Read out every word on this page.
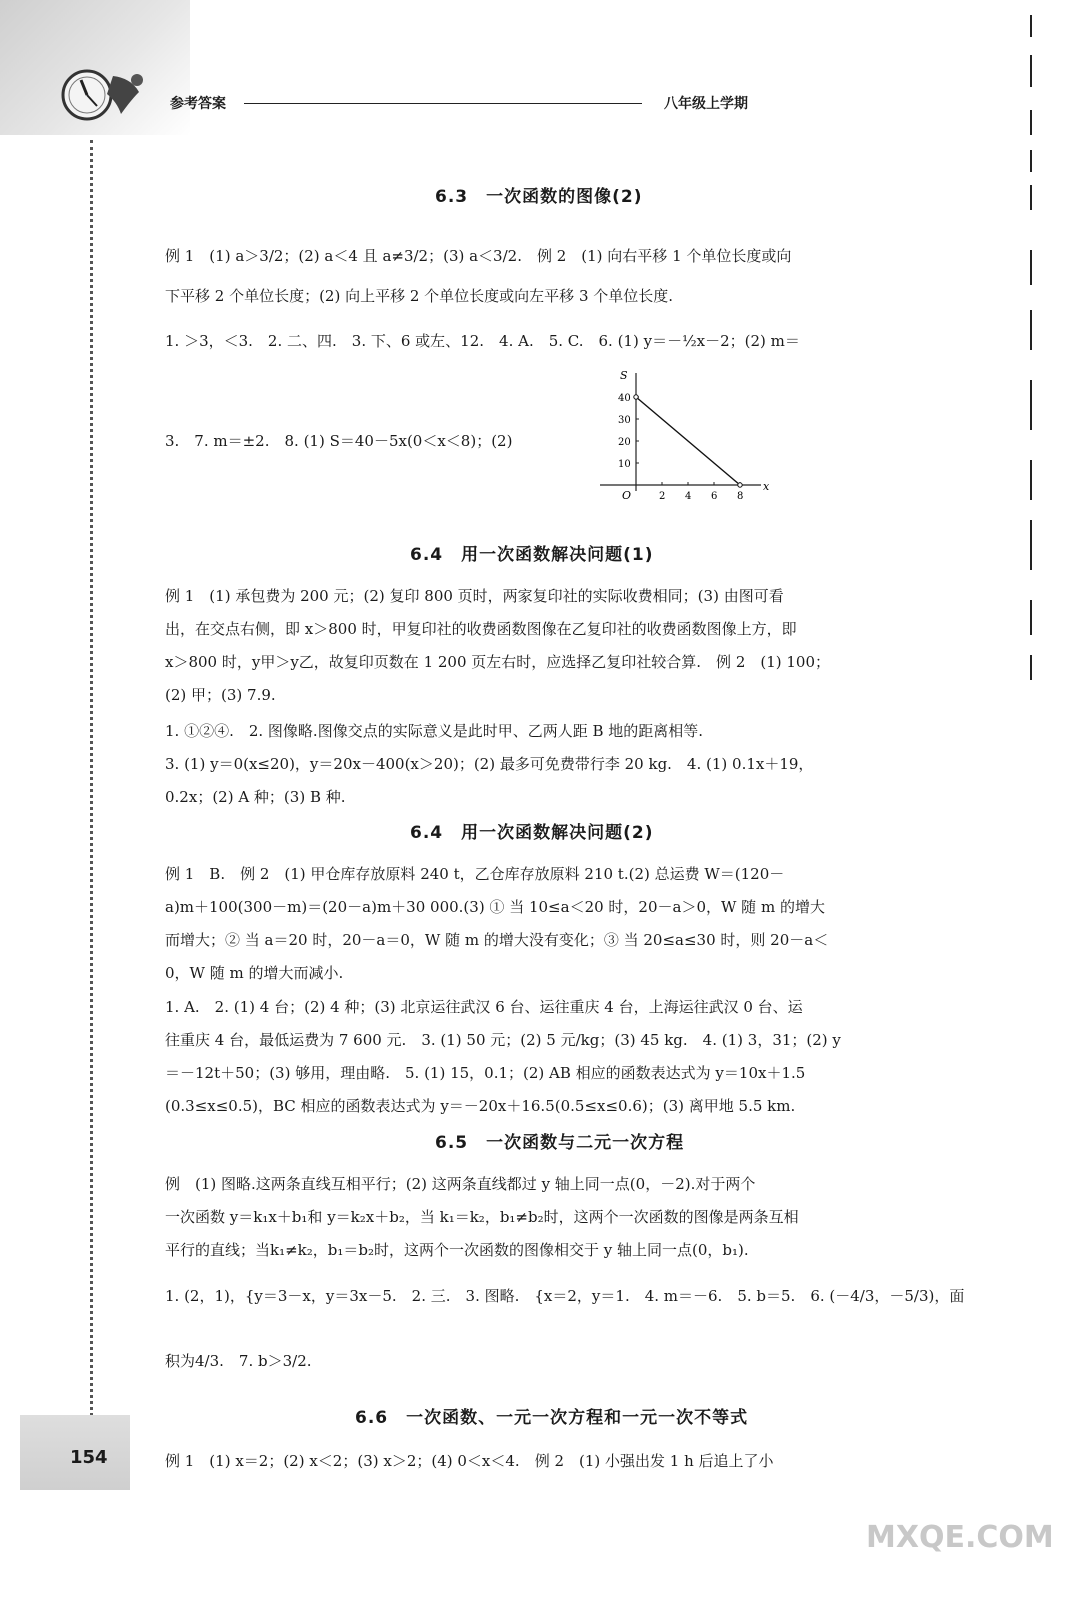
参考答案	八年级上学期
6.3　一次函数的图像(2)
例 1　(1) a＞3/2；(2) a＜4 且 a≠3/2；(3) a＜3/2.　例 2　(1) 向右平移 1 个单位长度或向
下平移 2 个单位长度；(2) 向上平移 2 个单位长度或向左平移 3 个单位长度.
1. ＞3，＜3.　2. 二、四.　3. 下、6 或左、12.　4. A.　5. C.　6. (1) y＝－½x－2；(2) m＝
3.　7. m＝±2.　8. (1) S＝40－5x(0＜x＜8)；(2)
x
S
O	2 4 6 8
10
20
30
40
6.4　用一次函数解决问题(1)
例 1　(1) 承包费为 200 元；(2) 复印 800 页时，两家复印社的实际收费相同；(3) 由图可看
出，在交点右侧，即 x＞800 时，甲复印社的收费函数图像在乙复印社的收费函数图像上方，即
x＞800 时，y甲＞y乙，故复印页数在 1 200 页左右时，应选择乙复印社较合算.　例 2　(1) 100；
(2) 甲；(3) 7.9.
1. ①②④.　2. 图像略.图像交点的实际意义是此时甲、乙两人距 B 地的距离相等.
3. (1) y＝0(x≤20)，y＝20x－400(x＞20)；(2) 最多可免费带行李 20 kg.　4. (1) 0.1x＋19，
0.2x；(2) A 种；(3) B 种.
6.4　用一次函数解决问题(2)
例 1　B.　例 2　(1) 甲仓库存放原料 240 t，乙仓库存放原料 210 t.(2) 总运费 W＝(120－
a)m＋100(300－m)＝(20－a)m＋30 000.(3) ① 当 10≤a＜20 时，20－a＞0，W 随 m 的增大
而增大；② 当 a＝20 时，20－a＝0，W 随 m 的增大没有变化；③ 当 20≤a≤30 时，则 20－a＜
0，W 随 m 的增大而减小.
1. A.　2. (1) 4 台；(2) 4 种；(3) 北京运往武汉 6 台、运往重庆 4 台，上海运往武汉 0 台、运
往重庆 4 台，最低运费为 7 600 元.　3. (1) 50 元；(2) 5 元/kg；(3) 45 kg.　4. (1) 3，31；(2) y
＝－12t＋50；(3) 够用，理由略.　5. (1) 15，0.1；(2) AB 相应的函数表达式为 y＝10x＋1.5
(0.3≤x≤0.5)，BC 相应的函数表达式为 y＝－20x＋16.5(0.5≤x≤0.6)；(3) 离甲地 5.5 km.
6.5　一次函数与二元一次方程
例　(1) 图略.这两条直线互相平行；(2) 这两条直线都过 y 轴上同一点(0，－2).对于两个
一次函数 y＝k₁x＋b₁和 y＝k₂x＋b₂，当 k₁＝k₂，b₁≠b₂时，这两个一次函数的图像是两条互相
平行的直线；当k₁≠k₂，b₁＝b₂时，这两个一次函数的图像相交于 y 轴上同一点(0，b₁).
1. (2，1)，{y＝3－x，y＝3x－5.　2. 三.　3. 图略.　{x＝2，y＝1.　4. m＝－6.　5. b＝5.　6. (－4/3，－5/3)，面
积为4/3.　7. b＞3/2.
6.6　一次函数、一元一次方程和一元一次不等式
例 1　(1) x＝2；(2) x＜2；(3) x＞2；(4) 0＜x＜4.　例 2　(1) 小强出发 1 h 后追上了小
154
MXQE.COM
